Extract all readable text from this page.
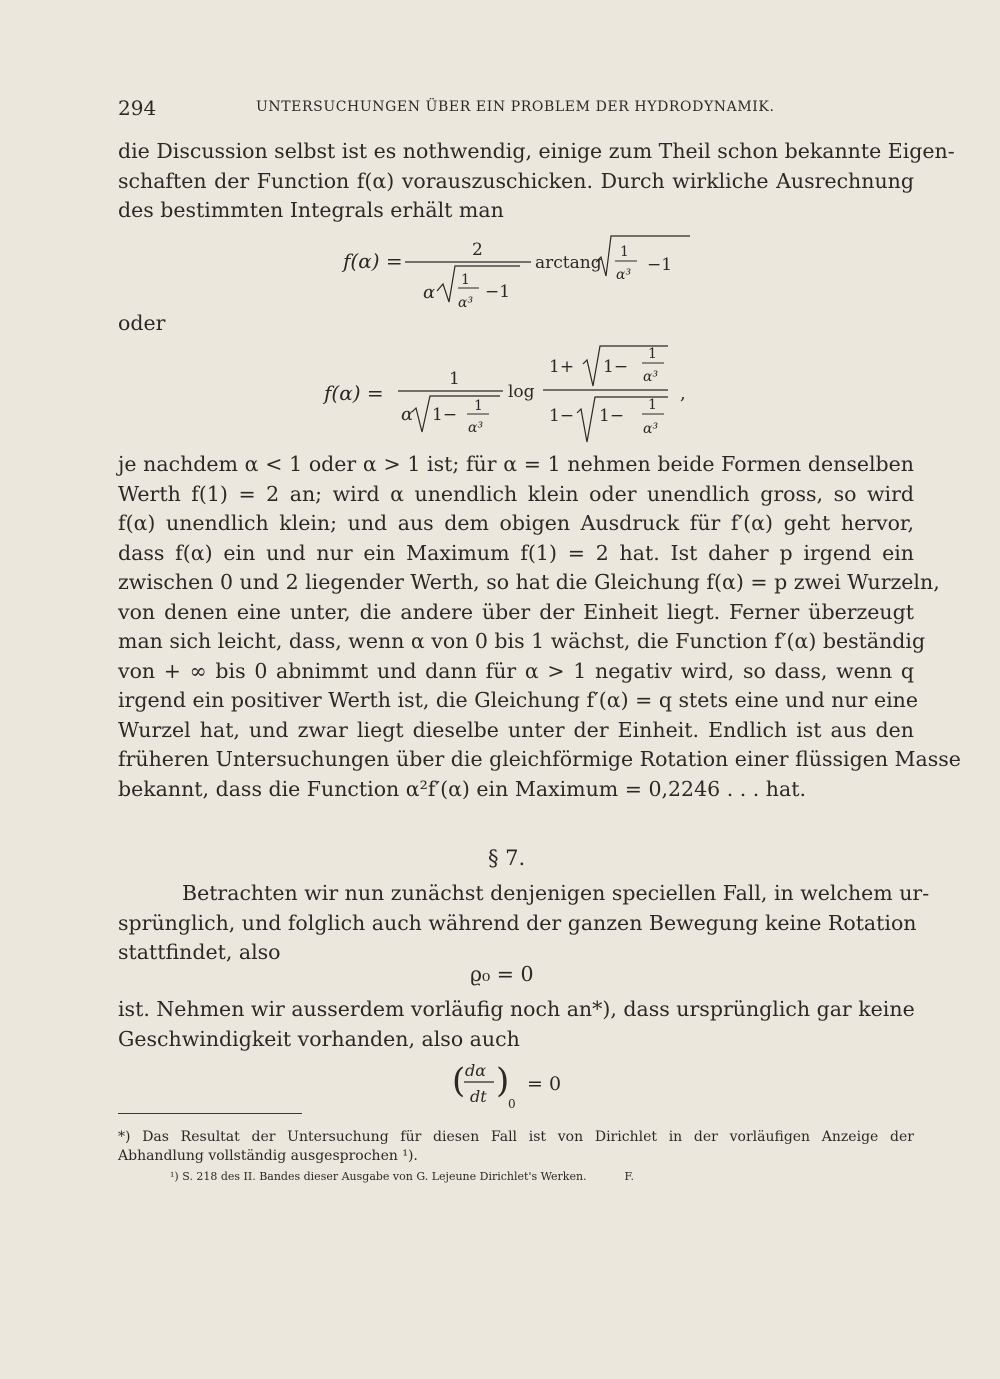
294	UNTERSUCHUNGEN ÜBER EIN PROBLEM DER HYDRODYNAMIK.
die Discussion selbst ist es nothwendig, einige zum Theil schon bekannte Eigen-
schaften der Function f(α) vorauszuschicken. Durch wirkliche Ausrechnung
des bestimmten Integrals erhält man
f(α) =	2
α
1
α³
−1
arctang
1
α³ −1
oder
f(α) =
1
α 1− 1
α³
log
1+ 1−
1
α³
1− 1−
1
α³
,
je nachdem α < 1 oder α > 1 ist; für α = 1 nehmen beide Formen denselben
Werth f(1) = 2 an; wird α unendlich klein oder unendlich gross, so wird
f(α) unendlich klein; und aus dem obigen Ausdruck für f′(α) geht hervor,
dass f(α) ein und nur ein Maximum f(1) = 2 hat. Ist daher p irgend ein
zwischen 0 und 2 liegender Werth, so hat die Gleichung f(α) = p zwei Wurzeln,
von denen eine unter, die andere über der Einheit liegt. Ferner überzeugt
man sich leicht, dass, wenn α von 0 bis 1 wächst, die Function f′(α) beständig
von + ∞ bis 0 abnimmt und dann für α > 1 negativ wird, so dass, wenn q
irgend ein positiver Werth ist, die Gleichung f′(α) = q stets eine und nur eine
Wurzel hat, und zwar liegt dieselbe unter der Einheit. Endlich ist aus den
früheren Untersuchungen über die gleichförmige Rotation einer flüssigen Masse
bekannt, dass die Function α²f′(α) ein Maximum = 0,2246 . . . hat.
§ 7.
Betrachten wir nun zunächst denjenigen speciellen Fall, in welchem ur-
sprünglich, und folglich auch während der ganzen Bewegung keine Rotation
stattfindet, also
ϱ₀ = 0
ist. Nehmen wir ausserdem vorläufig noch an*), dass ursprünglich gar keine
Geschwindigkeit vorhanden, also auch
( dα
dt )
0
= 0
*) Das Resultat der Untersuchung für diesen Fall ist von Dirichlet in der vorläufigen Anzeige der
Abhandlung vollständig ausgesprochen ¹).
¹) S. 218 des II. Bandes dieser Ausgabe von G. Lejeune Dirichlet's Werken.	F.
